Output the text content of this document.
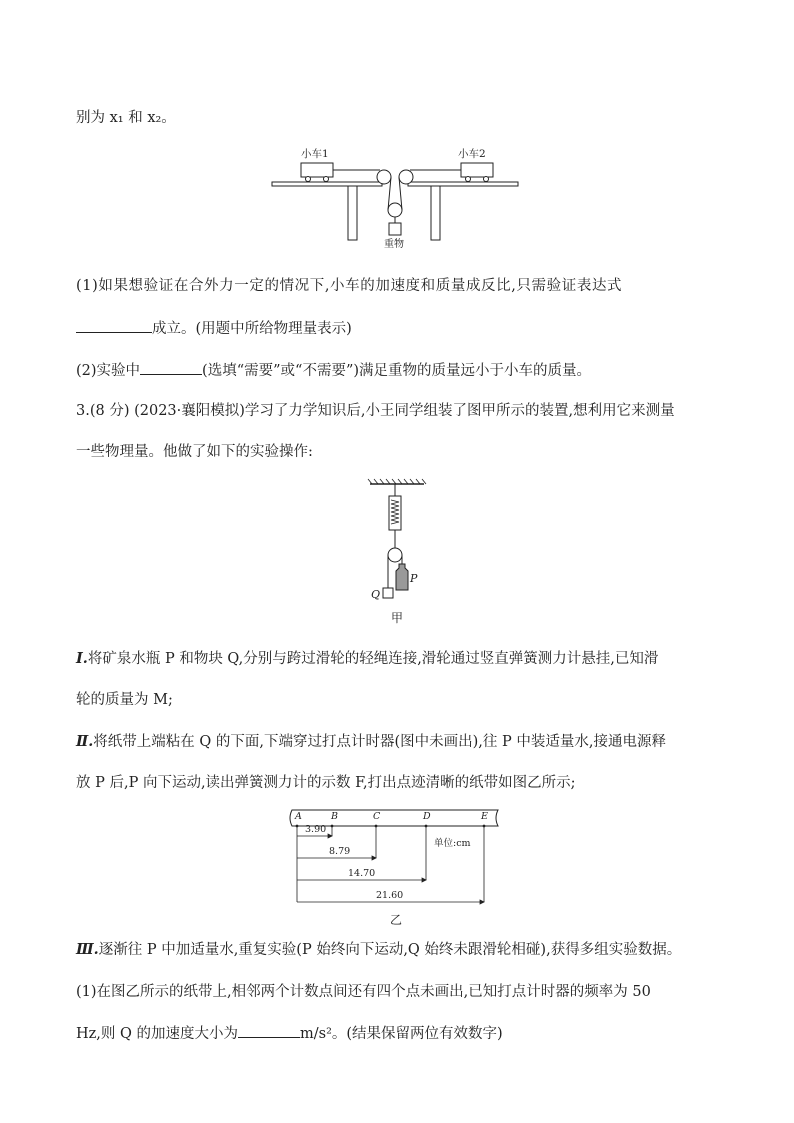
别为 x₁ 和 x₂。
小车1	小车2
重物
(1)如果想验证在合外力一定的情况下,小车的加速度和质量成反比,只需验证表达式
成立。(用题中所给物理量表示)
(2)实验中	(选填“需要”或“不需要”)满足重物的质量远小于小车的质量。
3.(8 分) (2023·襄阳模拟)学习了力学知识后,小王同学组装了图甲所示的装置,想利用它来测量
一些物理量。他做了如下的实验操作:
P
Q
甲
Ⅰ.将矿泉水瓶 P 和物块 Q,分别与跨过滑轮的轻绳连接,滑轮通过竖直弹簧测力计悬挂,已知滑
轮的质量为 M;
Ⅱ.将纸带上端粘在 Q 的下面,下端穿过打点计时器(图中未画出),往 P 中装适量水,接通电源释
放 P 后,P 向下运动,读出弹簧测力计的示数 F,打出点迹清晰的纸带如图乙所示;
A	B	C	D	E
3.90
8.79
14.70
21.60
单位:cm
乙
Ⅲ.逐渐往 P 中加适量水,重复实验(P 始终向下运动,Q 始终未跟滑轮相碰),获得多组实验数据。
(1)在图乙所示的纸带上,相邻两个计数点间还有四个点未画出,已知打点计时器的频率为 50
Hz,则 Q 的加速度大小为	m/s²。(结果保留两位有效数字)
